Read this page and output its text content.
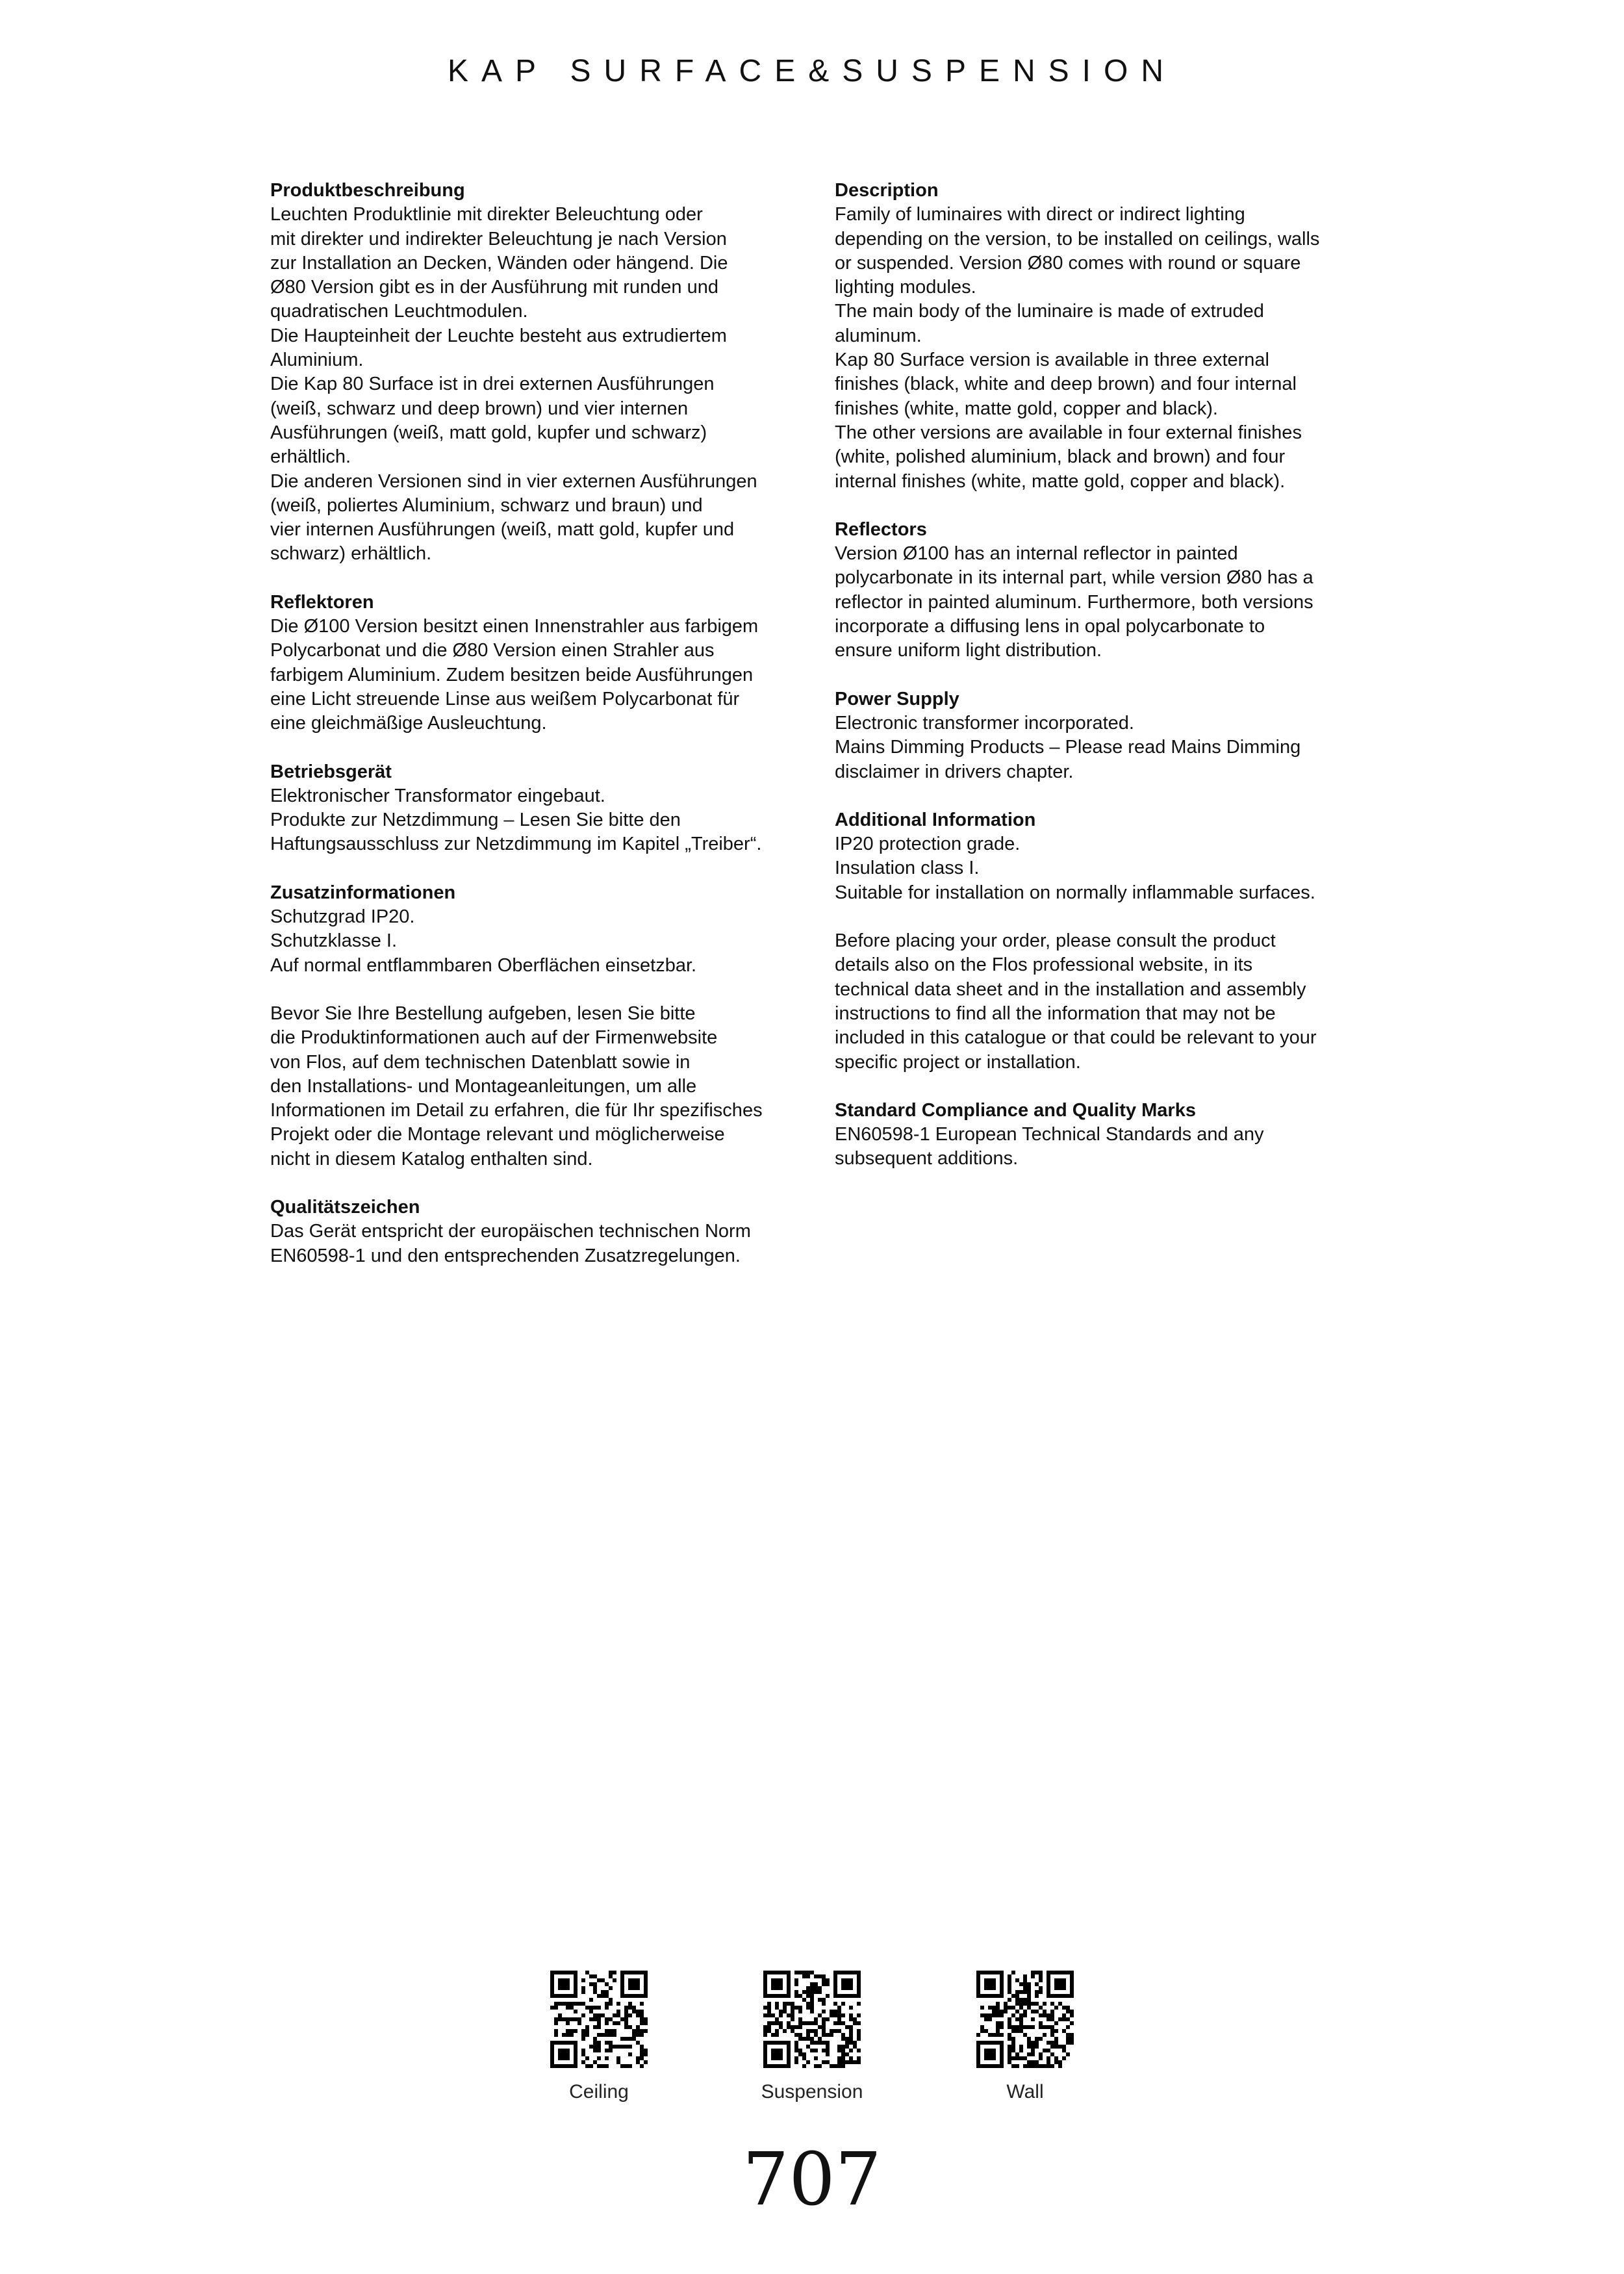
KAP SURFACE&SUSPENSION
Produktbeschreibung

Leuchten Produktlinie mit direkter Beleuchtung oder
mit direkter und indirekter Beleuchtung je nach Version
zur Installation an Decken, Wänden oder hängend. Die
Ø80 Version gibt es in der Ausführung mit runden und
quadratischen Leuchtmodulen.
Die Haupteinheit der Leuchte besteht aus extrudiertem
Aluminium.
Die Kap 80 Surface ist in drei externen Ausführungen
(weiß, schwarz und deep brown) und vier internen
Ausführungen (weiß, matt gold, kupfer und schwarz)
erhältlich.
Die anderen Versionen sind in vier externen Ausführungen
(weiß, poliertes Aluminium, schwarz und braun) und
vier internen Ausführungen (weiß, matt gold, kupfer und
schwarz) erhältlich.

Reflektoren

Die Ø100 Version besitzt einen Innenstrahler aus farbigem
Polycarbonat und die Ø80 Version einen Strahler aus
farbigem Aluminium. Zudem besitzen beide Ausführungen
eine Licht streuende Linse aus weißem Polycarbonat für
eine gleichmäßige Ausleuchtung.

Betriebsgerät

Elektronischer Transformator eingebaut.
Produkte zur Netzdimmung – Lesen Sie bitte den
Haftungsausschluss zur Netzdimmung im Kapitel „Treiber“.

Zusatzinformationen

Schutzgrad IP20.
Schutzklasse I.
Auf normal entflammbaren Oberflächen einsetzbar.

Bevor Sie Ihre Bestellung aufgeben, lesen Sie bitte
die Produktinformationen auch auf der Firmenwebsite
von Flos, auf dem technischen Datenblatt sowie in
den Installations- und Montageanleitungen, um alle
Informationen im Detail zu erfahren, die für Ihr spezifisches
Projekt oder die Montage relevant und möglicherweise
nicht in diesem Katalog enthalten sind.

Qualitätszeichen

Das Gerät entspricht der europäischen technischen Norm
EN60598-1 und den entsprechenden Zusatzregelungen.

Description

Family of luminaires with direct or indirect lighting
depending on the version, to be installed on ceilings, walls
or suspended. Version Ø80 comes with round or square
lighting modules.
The main body of the luminaire is made of extruded
aluminum.
Kap 80 Surface version is available in three external
finishes (black, white and deep brown) and four internal
finishes (white, matte gold, copper and black).
The other versions are available in four external finishes
(white, polished aluminium, black and brown) and four
internal finishes (white, matte gold, copper and black).

Reflectors

Version Ø100 has an internal reflector in painted
polycarbonate in its internal part, while version Ø80 has a
reflector in painted aluminum. Furthermore, both versions
incorporate a diffusing lens in opal polycarbonate to
ensure uniform light distribution.

Power Supply

Electronic transformer incorporated.
Mains Dimming Products – Please read Mains Dimming
disclaimer in drivers chapter.

Additional Information

IP20 protection grade.
Insulation class I.
Suitable for installation on normally inflammable surfaces.

Before placing your order, please consult the product
details also on the Flos professional website, in its
technical data sheet and in the installation and assembly
instructions to find all the information that may not be
included in this catalogue or that could be relevant to your
specific project or installation.

Standard Compliance and Quality Marks

EN60598-1 European Technical Standards and any
subsequent additions.

Ceiling	Suspension	Wall
707
